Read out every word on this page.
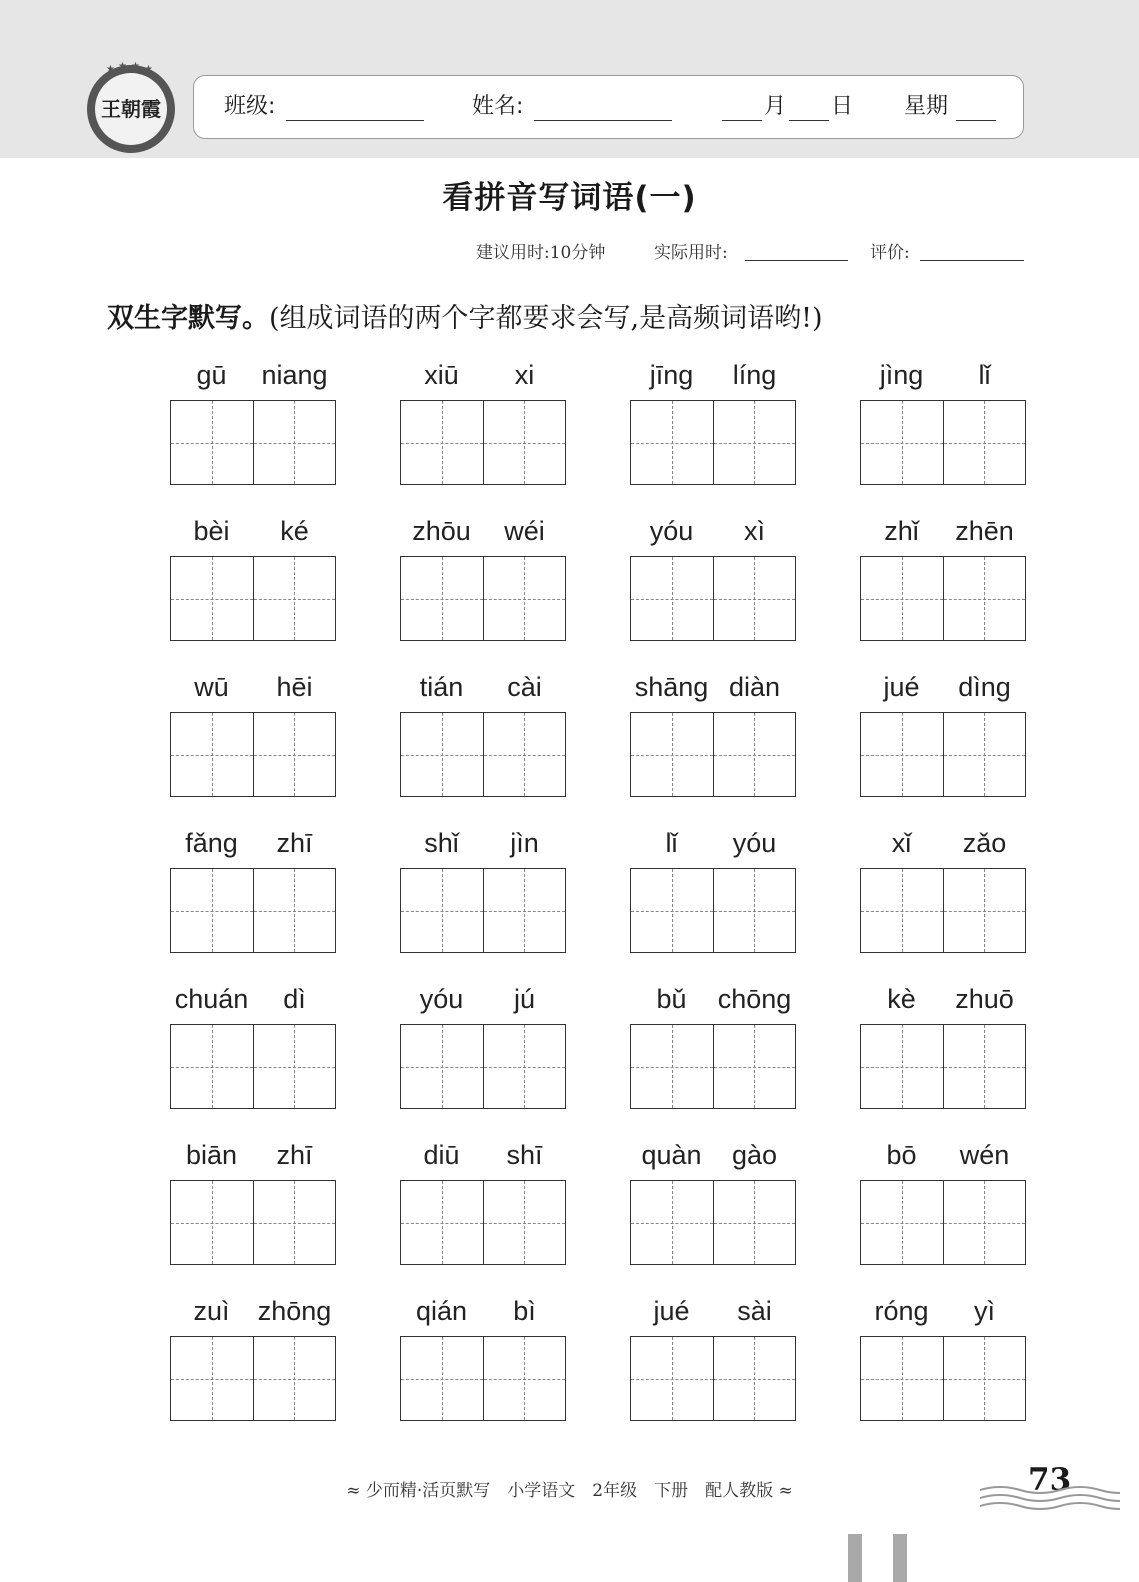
★ ★ ★ ★
王朝霞	班级:	姓名:	月 日 星期
看拼音写词语(一)
建议用时:10分钟	实际用时:	评价:
双生字默写。(组成词语的两个字都要求会写,是高频词语哟!)
gū	niang	xiū	xi	jīng	líng	jìng	lǐ
bèi	ké	zhōu	wéi	yóu	xì	zhǐ	zhēn
wū	hēi	tián	cài	shāng diàn	jué	dìng
fǎng	zhī	shǐ	jìn	lǐ	yóu	xǐ	zǎo
chuán	dì	yóu	jú	bǔ	chōng	kè	zhuō
biān	zhī	diū	shī	quàn	gào	bō	wén
zuì	zhōng	qián	bì	jué	sài	róng	yì
≈ 少而精·活页默写　小学语文　2年级　下册　配人教版 ≈	73
